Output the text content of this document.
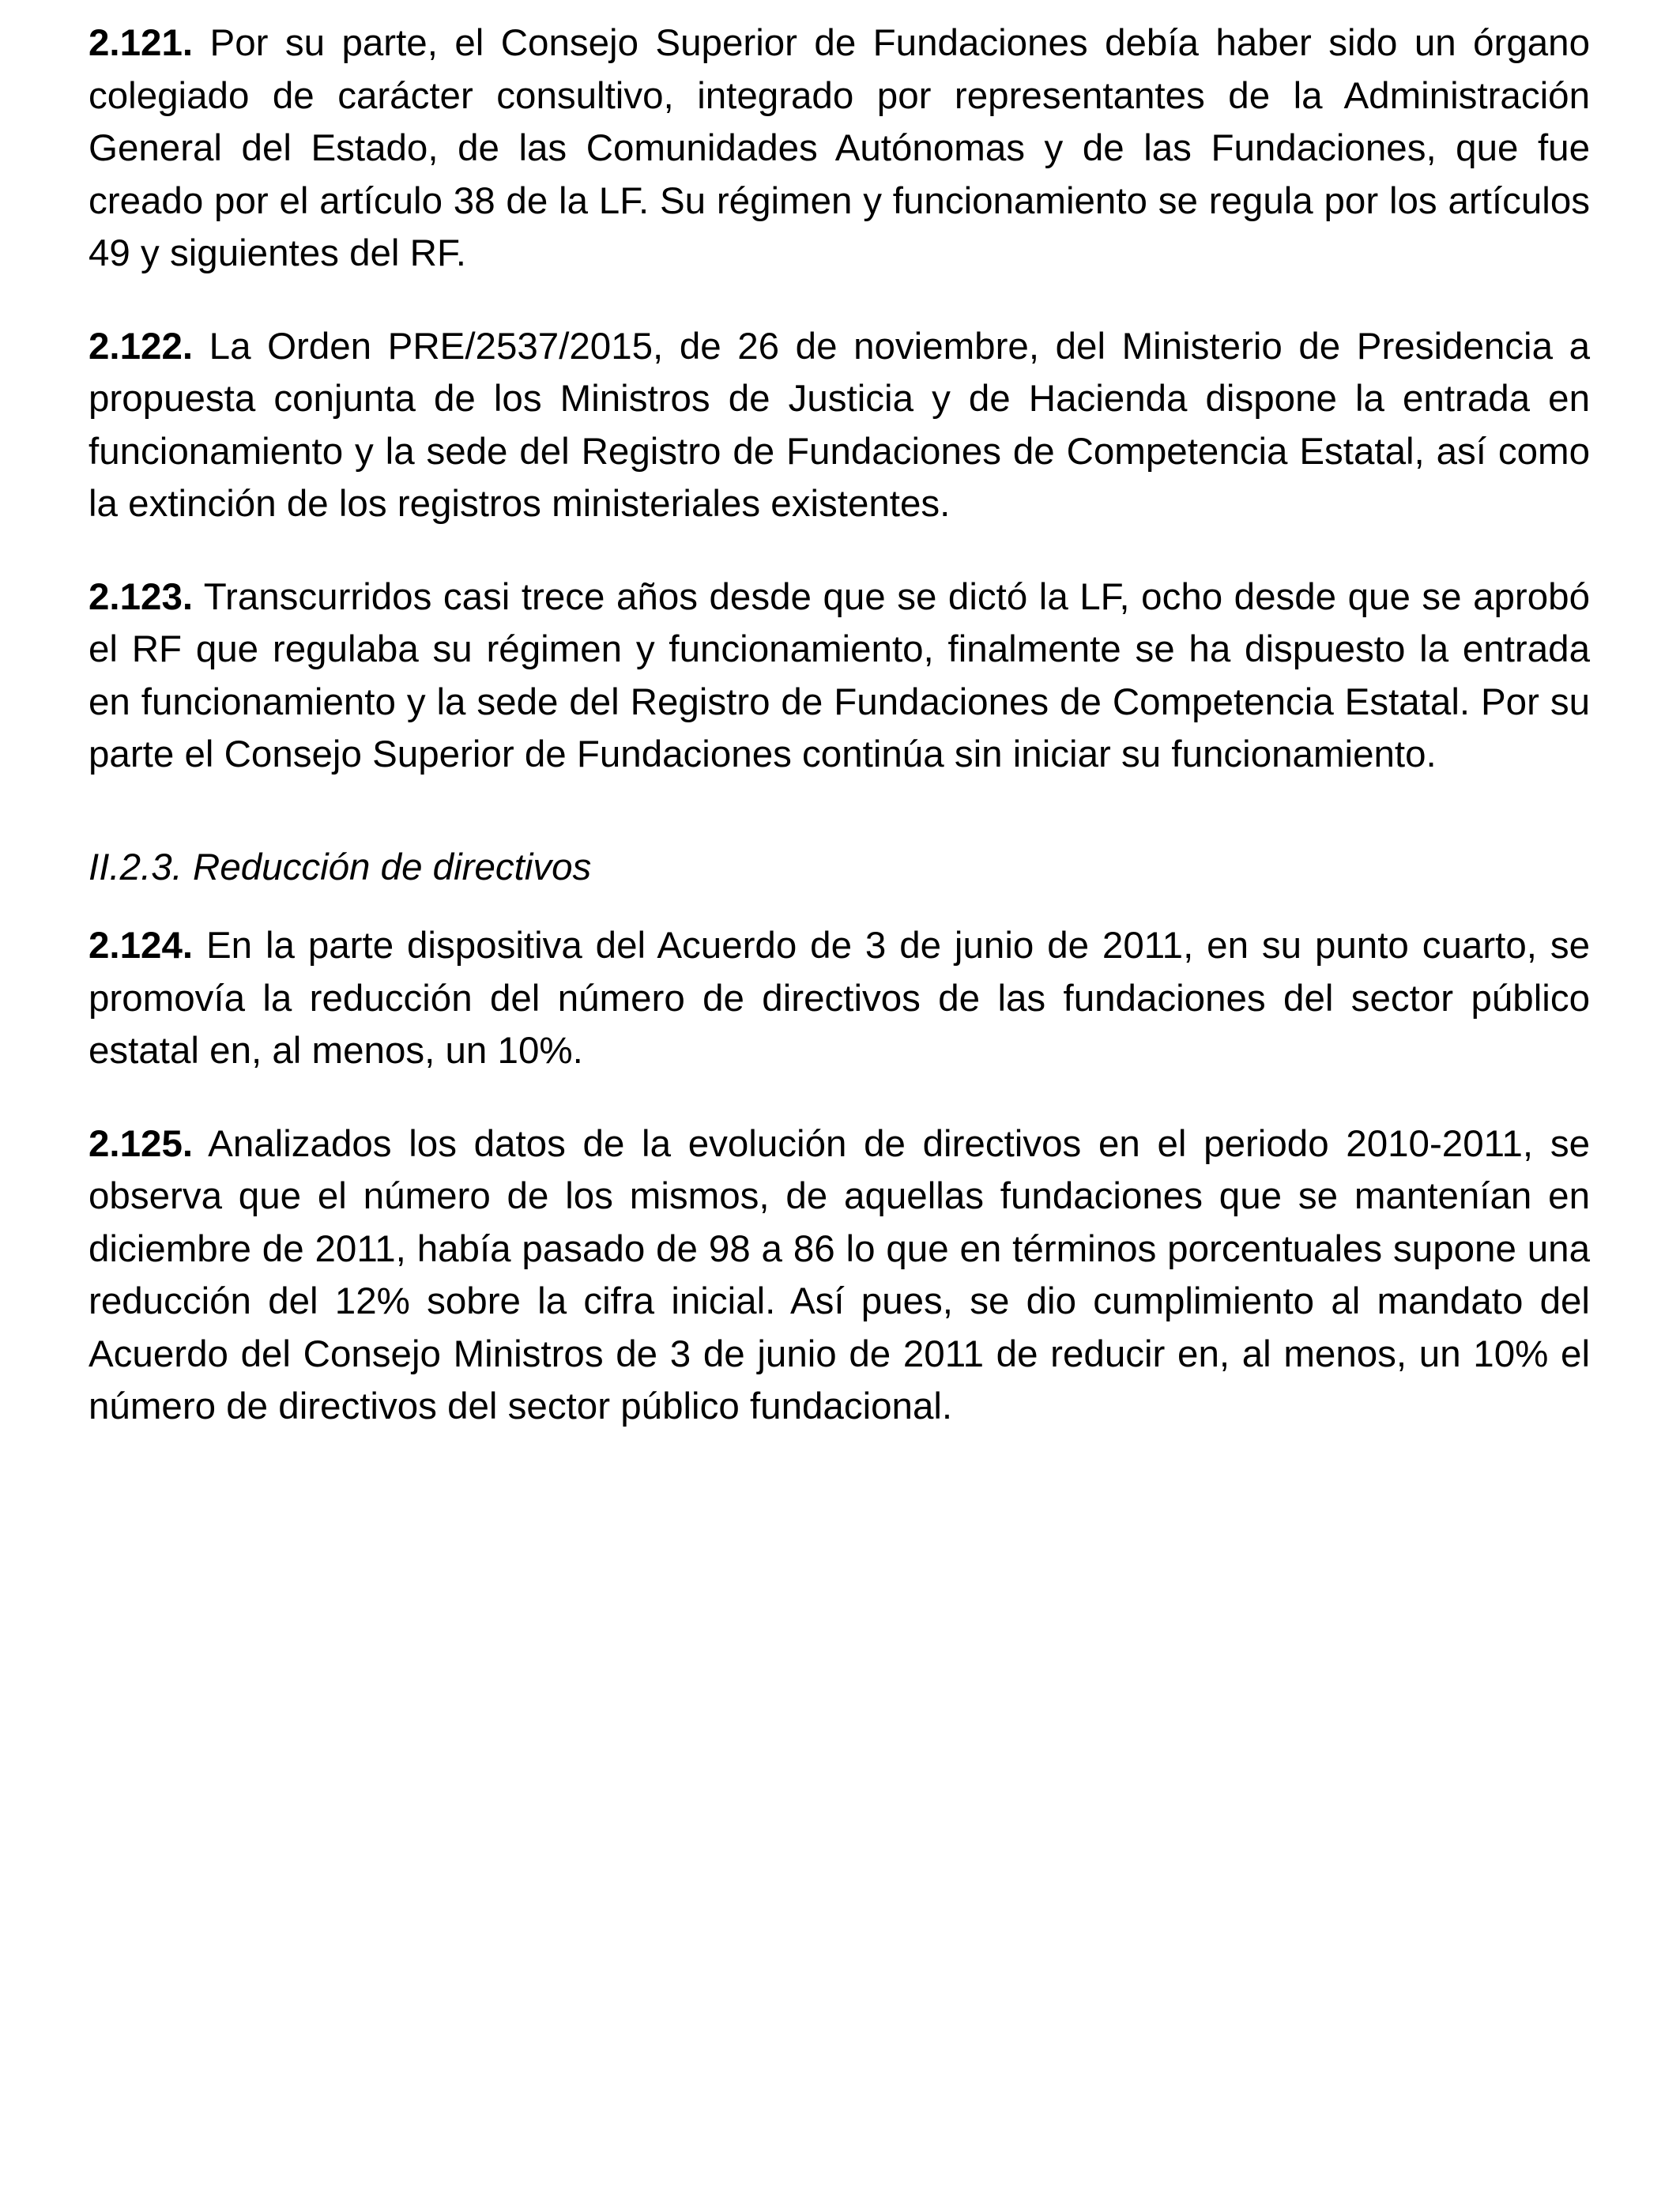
2.121. Por su parte, el Consejo Superior de Fundaciones debía haber sido un órgano colegiado de carácter consultivo, integrado por representantes de la Administración General del Estado, de las Comunidades Autónomas y de las Fundaciones, que fue creado por el artículo 38 de la LF. Su régimen y funcionamiento se regula por los artículos 49 y siguientes del RF.

2.122. La Orden PRE/2537/2015, de 26 de noviembre, del Ministerio de Presidencia a propuesta conjunta de los Ministros de Justicia y de Hacienda dispone la entrada en funcionamiento y la sede del Registro de Fundaciones de Competencia Estatal, así como la extinción de los registros ministeriales existentes.

2.123. Transcurridos casi trece años desde que se dictó la LF, ocho desde que se aprobó el RF que regulaba su régimen y funcionamiento, finalmente se ha dispuesto la entrada en funcionamiento y la sede del Registro de Fundaciones de Competencia Estatal. Por su parte el Consejo Superior de Fundaciones continúa sin iniciar su funcionamiento.

II.2.3. Reducción de directivos

2.124. En la parte dispositiva del Acuerdo de 3 de junio de 2011, en su punto cuarto, se promovía la reducción del número de directivos de las fundaciones del sector público estatal en, al menos, un 10%.

2.125. Analizados los datos de la evolución de directivos en el periodo 2010-2011, se observa que el número de los mismos, de aquellas fundaciones que se mantenían en diciembre de 2011, había pasado de 98 a 86 lo que en términos porcentuales supone una reducción del 12% sobre la cifra inicial. Así pues, se dio cumplimiento al mandato del Acuerdo del Consejo Ministros de 3 de junio de 2011 de reducir en, al menos, un 10% el número de directivos del sector público fundacional.
